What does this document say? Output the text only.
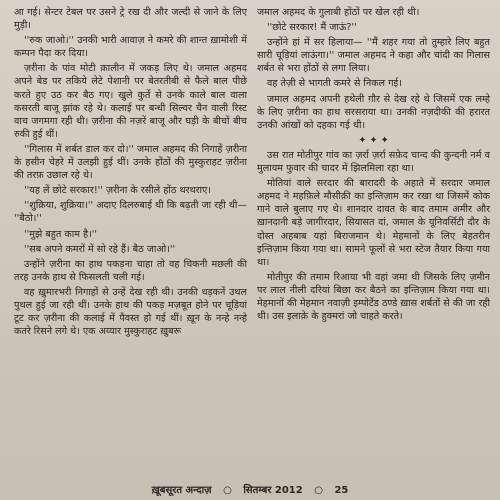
आ गई। सेन्टर टेबल पर उसने ट्रे रख दी और जल्दी से जाने के लिए मुड़ी।

''रुक जाओ।'' उनकी भारी आवाज़ ने कमरे की शान्त ख़ामोशी में कम्पन पैदा कर दिया।

ज़रीना के पांव मोटी क़ालीन में जकड़ लिए थे। जमाल अहमद अपने बेड पर तकिये लेटे पेशानी पर बेतरतीबी से फैले बाल पीछे करते हुए उठ कर बैठ गए। खुले कुर्ते से उनके काले बाल वाला कसरती बाजू झांक रहे थे। कलाई पर बन्धी सिल्वर चैन वाली रिस्ट वाच जगमगा रही थी। ज़रीना की नज़रें बाजू और घड़ी के बीचों बीच रुकी हुई थीं।

''गिलास में शर्बत डाल कर दो।'' जमाल अहमद की निगाहें ज़रीना के हसीन चेहरे में उलझी हुई थीं। उनके होंठों की मुस्कुराहट ज़रीना की तरफ़ उछाल रहे थे।

''यह लें छोटे सरकार!'' ज़रीना के रसीले होंठ थरथराए।

''शुक्रिया, शुक्रिया।'' अदाए दिलरुबाई थी कि बढ़ती जा रही थी— ''बैठो।''

''मुझे बहुत काम है।''

''सब अपने कमरों में सो रहे हैं। बैठ जाओ।''

उन्होंने ज़रीना का हाथ पकड़ना चाहा तो वह चिकनी मछली की तरह उनके हाथ से फिसलती चली गई।

वह ख़ुमारभरी निगाहों से उन्हें देख रही थी। उनकी धड़कनें उथल पुथल हुई जा रही थीं। उनके हाथ की पकड़ मज़बूत होने पर चूड़ियां टूट कर ज़रीना की कलाई में पैवस्त हो गई थीं। ख़ून के नन्हे नन्हे कतरे रिसने लगे थे। एक अय्यार मुस्कुराहट ख़ुबरू

जमाल अहमद के गुलाबी होंठों पर खेल रही थी।

''छोटे सरकार! मैं जाऊं?''

उन्होंने हां में सर हिलाया— ''मैं शहर गया तो तुम्हारे लिए बहुत सारी चूड़ियां लाऊंगा।'' जमाल अहमद ने कहा और चांदी का गिलास शर्बत से भरा होंठों से लगा लिया।

वह तेज़ी से भागती कमरे से निकल गई।

जमाल अहमद अपनी हथेली ग़ौर से देख रहे थे जिसमें एक लम्हे के लिए ज़रीना का हाथ सरसराया था। उनकी नज़दीकी की हरारत उनकी आंखों को दहका गई थी।

✦ ✦ ✦

उस रात मोतीपुर गांव का ज़र्रा ज़र्रा सफ़ेद चान्द की कुन्दनी नर्म व मुलायम फुवार की चादर में झिलमिला रहा था।

मोतियां वाले सरदार की बारादरी के अहाते में सरदार जमाल अहमद ने महफ़िले मौसीक़ी का इन्तिज़ाम कर रखा था जिसमें कोक गाने वाले बुलाए गए थे। शानदार दावत के बाद तमाम अमीर और ख़ानदानी बड़े जागीरदार, सियासत दां, जमाल के यूनिवर्सिटी दौर के दोस्त अहबाब यहां बिराजमान थे। मेहमानों के लिए बेहतरीन इन्तिज़ाम किया गया था। सामने फूलों से भरा स्टेज तैयार किया गया था।

मोतीपुर की तमाम रिआया भी वहां जमा थी जिसके लिए ज़मीन पर लाल नीली दरियां बिछा कर बैठने का इन्तिज़ाम किया गया था। मेहमानों की मेहमान नवाज़ी इम्पोर्टेड ठण्डे ख़ास शर्बतों से की जा रही थी। उस इलाक़े के हुक्मरां जो चाहते करते।

ख़ूबसूरत अन्दाज़ ○ सितम्बर 2012 ○ 25
